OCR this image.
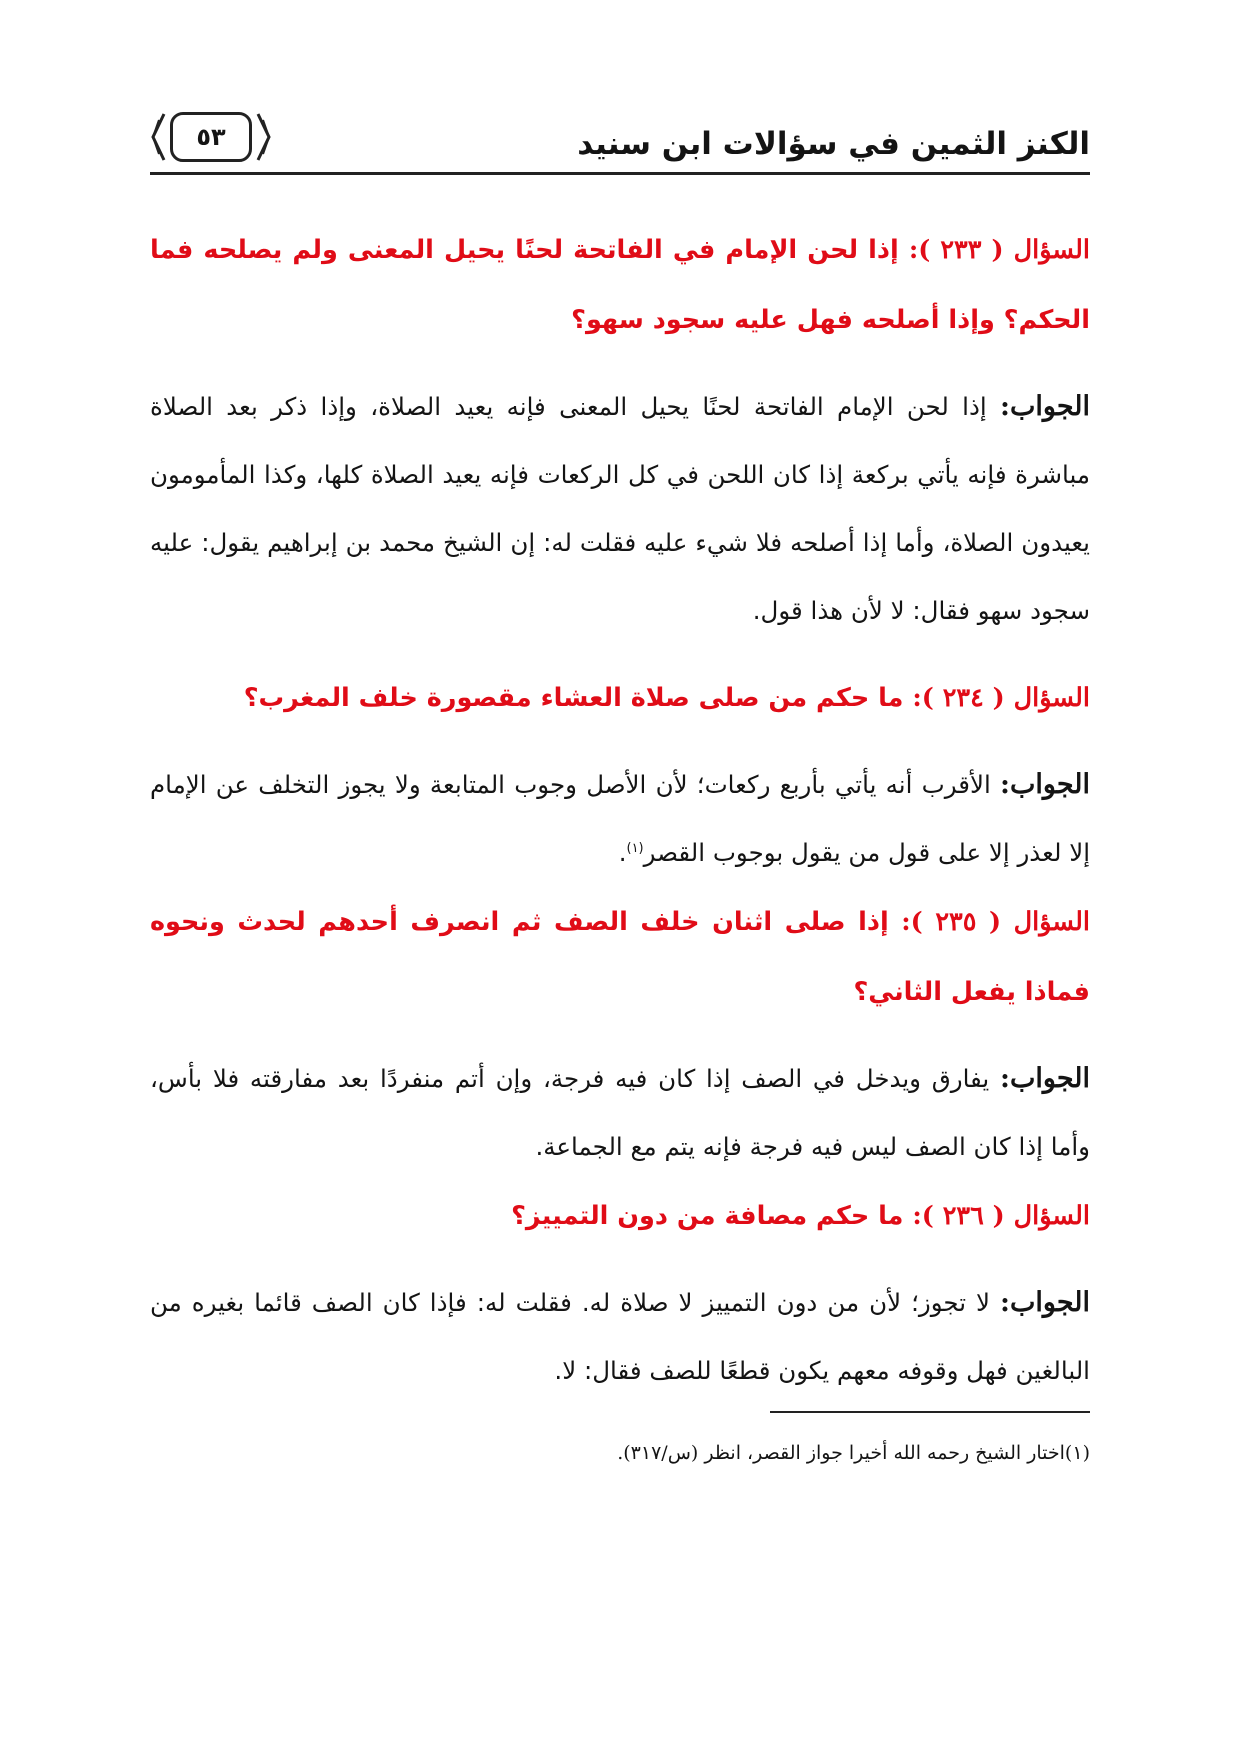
الكنز الثمين في سؤالات ابن سنيد
٥٣

السؤال ( ٢٣٣ ): إذا لحن الإمام في الفاتحة لحنًا يحيل المعنى ولم يصلحه فما الحكم؟ وإذا أصلحه فهل عليه سجود سهو؟

الجواب: إذا لحن الإمام الفاتحة لحنًا يحيل المعنى فإنه يعيد الصلاة، وإذا ذكر بعد الصلاة مباشرة فإنه يأتي بركعة إذا كان اللحن في كل الركعات فإنه يعيد الصلاة كلها، وكذا المأمومون يعيدون الصلاة، وأما إذا أصلحه فلا شيء عليه فقلت له: إن الشيخ محمد بن إبراهيم يقول: عليه سجود سهو فقال: لا لأن هذا قول.

السؤال ( ٢٣٤ ): ما حكم من صلى صلاة العشاء مقصورة خلف المغرب؟

الجواب: الأقرب أنه يأتي بأربع ركعات؛ لأن الأصل وجوب المتابعة ولا يجوز التخلف عن الإمام إلا لعذر إلا على قول من يقول بوجوب القصر$^{(١)}$.

السؤال ( ٢٣٥ ): إذا صلى اثنان خلف الصف ثم انصرف أحدهم لحدث ونحوه فماذا يفعل الثاني؟

الجواب: يفارق ويدخل في الصف إذا كان فيه فرجة، وإن أتم منفردًا بعد مفارقته فلا بأس، وأما إذا كان الصف ليس فيه فرجة فإنه يتم مع الجماعة.

السؤال ( ٢٣٦ ): ما حكم مصافة من دون التمييز؟

الجواب: لا تجوز؛ لأن من دون التمييز لا صلاة له. فقلت له: فإذا كان الصف قائما بغيره من البالغين فهل وقوفه معهم يكون قطعًا للصف فقال: لا.

(١)اختار الشيخ رحمه الله أخيرا جواز القصر، انظر (س/٣١٧).
